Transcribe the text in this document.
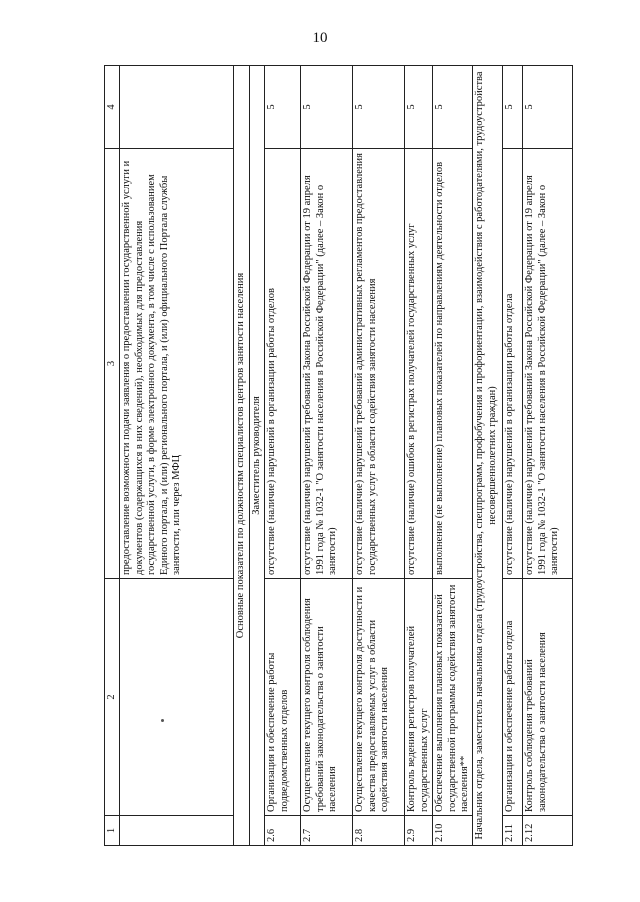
10
1	2	3	4
		предоставление возможности подачи заявления о предоставлении государственной услуги и документов (содержащихся в них сведений), необходимых для предоставления государственной услуги, в форме электронного документа, в том числе с использованием Единого портала, и (или) регионального портала, и (или) официального Портала службы занятости, или через МФЦ	
Основные показатели по должностям специалистов центров занятости населения			
Заместитель руководителя			
2.6	Организация и обеспечение работы подведомственных отделов	отсутствие (наличие) нарушений в организации работы отделов	5
2.7	Осуществление текущего контроля соблюдения требований законодательства о занятости населения	отсутствие (наличие) нарушений требований Закона Российской Федерации от 19 апреля 1991 года № 1032-1 "О занятости населения в Российской Федерации" (далее – Закон о занятости)	5
2.8	Осуществление текущего контроля доступности и качества предоставляемых услуг в области содействия занятости населения	отсутствие (наличие) нарушений требований административных регламентов предоставления государственных услуг в области содействия занятости населения	5
2.9	Контроль ведения регистров получателей государственных услуг	отсутствие (наличие) ошибок в регистрах получателей государственных услуг	5
2.10	Обеспечение выполнения плановых показателей государственной программы содействия занятости населения**	выполнение (не выполнение) плановых показателей по направлениям деятельности отделов	5
Начальник отдела, заместитель начальника отдела (трудоустройства, спецпрограмм, профобучения и профориентации, взаимодействия с работодателями, трудоустройства несовершеннолетних граждан)			
2.11	Организация и обеспечение работы отдела	отсутствие (наличие) нарушений в организации работы отдела	5
2.12	Контроль соблюдения требований законодательства о занятости населения	отсутствие (наличие) нарушений требований Закона Российской Федерации от 19 апреля 1991 года № 1032-1 "О занятости населения в Российской Федерации" (далее – Закон о занятости)	5
